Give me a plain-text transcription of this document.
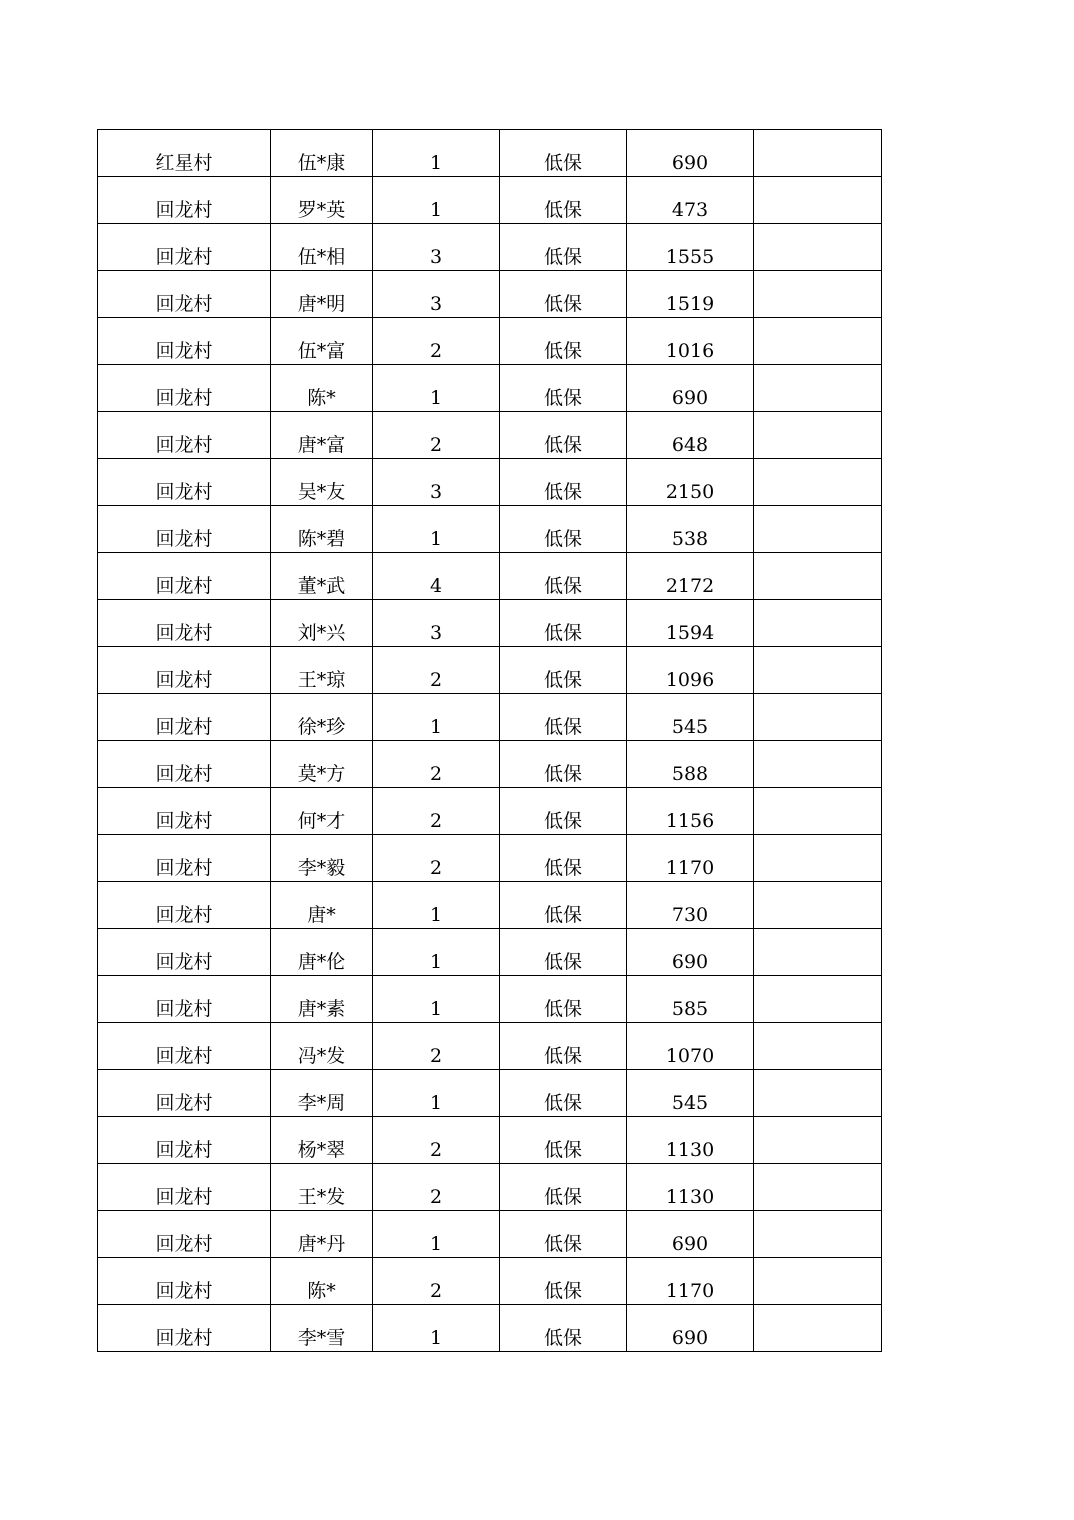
红星村	伍*康	1	低保	690	
回龙村	罗*英	1	低保	473	
回龙村	伍*相	3	低保	1555	
回龙村	唐*明	3	低保	1519	
回龙村	伍*富	2	低保	1016	
回龙村	陈*	1	低保	690	
回龙村	唐*富	2	低保	648	
回龙村	吴*友	3	低保	2150	
回龙村	陈*碧	1	低保	538	
回龙村	董*武	4	低保	2172	
回龙村	刘*兴	3	低保	1594	
回龙村	王*琼	2	低保	1096	
回龙村	徐*珍	1	低保	545	
回龙村	莫*方	2	低保	588	
回龙村	何*才	2	低保	1156	
回龙村	李*毅	2	低保	1170	
回龙村	唐*	1	低保	730	
回龙村	唐*伦	1	低保	690	
回龙村	唐*素	1	低保	585	
回龙村	冯*发	2	低保	1070	
回龙村	李*周	1	低保	545	
回龙村	杨*翠	2	低保	1130	
回龙村	王*发	2	低保	1130	
回龙村	唐*丹	1	低保	690	
回龙村	陈*	2	低保	1170	
回龙村	李*雪	1	低保	690	
